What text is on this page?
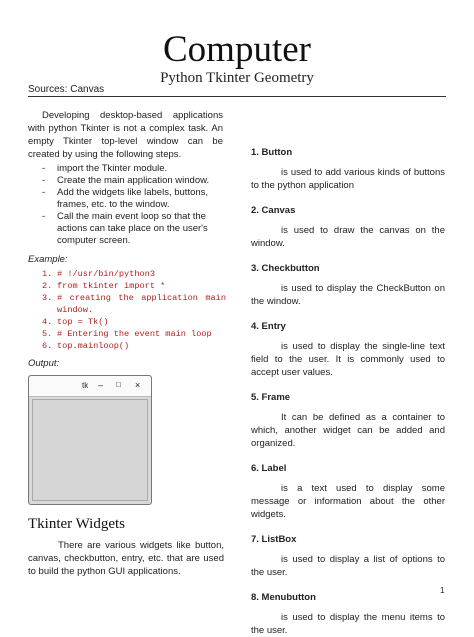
Computer
Python Tkinter Geometry
Sources: Canvas
Developing desktop-based applications with python Tkinter is not a complex task. An empty Tkinter top-level window can be created by using the following steps.
- import the Tkinter module.
- Create the main application window.
- Add the widgets like labels, buttons, frames, etc. to the window.
- Call the main event loop so that the actions can take place on the user's computer screen.
Example:
1. # !/usr/bin/python3
2. from tkinter import *
3. # creating the application main window.
4. top = Tk()
5. # Entering the event main loop
6. top.mainloop()
Output:
tk – □ ×
Tkinter Widgets
There are various widgets like button, canvas, checkbutton, entry, etc. that are used to build the python GUI applications.
1. Button
is used to add various kinds of buttons to the python application
2. Canvas
is used to draw the canvas on the window.
3. Checkbutton
is used to display the CheckButton on the window.
4. Entry
is used to display the single-line text field to the user. It is commonly used to accept user values.
5. Frame
It can be defined as a container to which, another widget can be added and organized.
6. Label
is a text used to display some message or information about the other widgets.
7. ListBox
is used to display a list of options to the user.
8. Menubutton
is used to display the menu items to the user.
1
